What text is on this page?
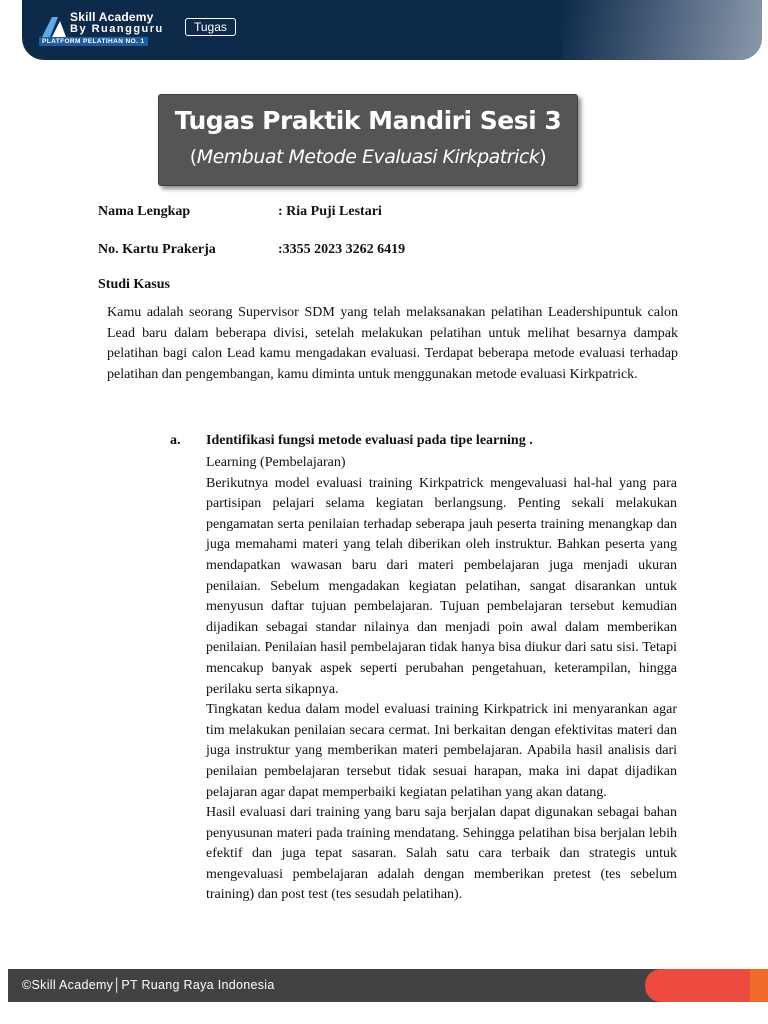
Skill Academy
By Ruangguru
PLATFORM PELATIHAN NO. 1
Tugas
Tugas Praktik Mandiri Sesi 3
(Membuat Metode Evaluasi Kirkpatrick)
Nama Lengkap	: Ria Puji Lestari
No. Kartu Prakerja	:3355 2023 3262 6419
Studi Kasus
Kamu adalah seorang Supervisor SDM yang telah melaksanakan pelatihan Leadershipuntuk calon Lead baru dalam beberapa divisi, setelah melakukan pelatihan untuk melihat besarnya dampak pelatihan bagi calon Lead kamu mengadakan evaluasi. Terdapat beberapa metode evaluasi terhadap pelatihan dan pengembangan, kamu diminta untuk menggunakan metode evaluasi Kirkpatrick.
a. Identifikasi fungsi metode evaluasi pada tipe learning .

Learning (Pembelajaran)

Berikutnya model evaluasi training Kirkpatrick mengevaluasi hal-hal yang para partisipan pelajari selama kegiatan berlangsung. Penting sekali melakukan pengamatan serta penilaian terhadap seberapa jauh peserta training menangkap dan juga memahami materi yang telah diberikan oleh instruktur. Bahkan peserta yang mendapatkan wawasan baru dari materi pembelajaran juga menjadi ukuran penilaian. Sebelum mengadakan kegiatan pelatihan, sangat disarankan untuk menyusun daftar tujuan pembelajaran. Tujuan pembelajaran tersebut kemudian dijadikan sebagai standar nilainya dan menjadi poin awal dalam memberikan penilaian. Penilaian hasil pembelajaran tidak hanya bisa diukur dari satu sisi. Tetapi mencakup banyak aspek seperti perubahan pengetahuan, keterampilan, hingga perilaku serta sikapnya.

Tingkatan kedua dalam model evaluasi training Kirkpatrick ini menyarankan agar tim melakukan penilaian secara cermat. Ini berkaitan dengan efektivitas materi dan juga instruktur yang memberikan materi pembelajaran. Apabila hasil analisis dari penilaian pembelajaran tersebut tidak sesuai harapan, maka ini dapat dijadikan pelajaran agar dapat memperbaiki kegiatan pelatihan yang akan datang.

Hasil evaluasi dari training yang baru saja berjalan dapat digunakan sebagai bahan penyusunan materi pada training mendatang. Sehingga pelatihan bisa berjalan lebih efektif dan juga tepat sasaran. Salah satu cara terbaik dan strategis untuk mengevaluasi pembelajaran adalah dengan memberikan pretest (tes sebelum training) dan post test (tes sesudah pelatihan).

©Skill Academy│PT Ruang Raya Indonesia
